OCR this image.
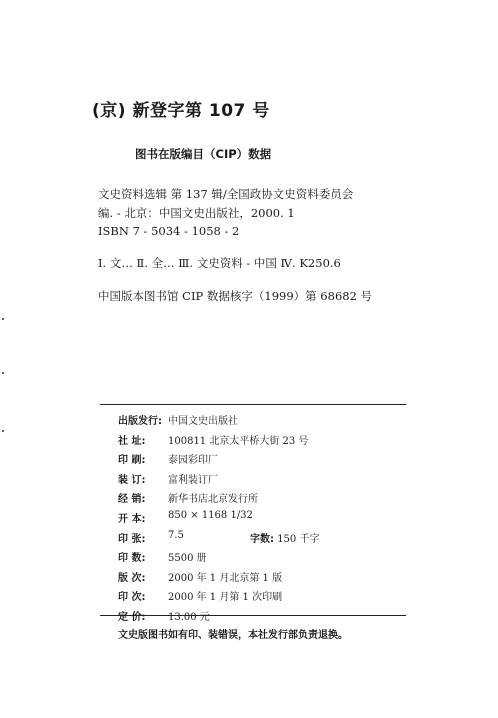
(京) 新登字第 107 号
图书在版编目（CIP）数据
文史资料选辑 第 137 辑/全国政协文史资料委员会
编. - 北京：中国文史出版社，2000. 1
ISBN 7 - 5034 - 1058 - 2
Ⅰ. 文… Ⅱ. 全… Ⅲ. 文史资料 - 中国 Ⅳ. K250.6
中国版本图书馆 CIP 数据核字（1999）第 68682 号
出版发行: 中国文史出版社
社 址:	100811 北京太平桥大街 23 号
印 刷:	泰园彩印厂
装 订:	富利装订厂
经 销:	新华书店北京发行所
开 本:	850 × 1168 1/32
印 张:	7.5	字数: 150 千字
印 数:	5500 册
版 次:	2000 年 1 月北京第 1 版
印 次:	2000 年 1 月第 1 次印刷
定 价:	13.00 元
文史版图书如有印、装错误，本社发行部负责退换。
